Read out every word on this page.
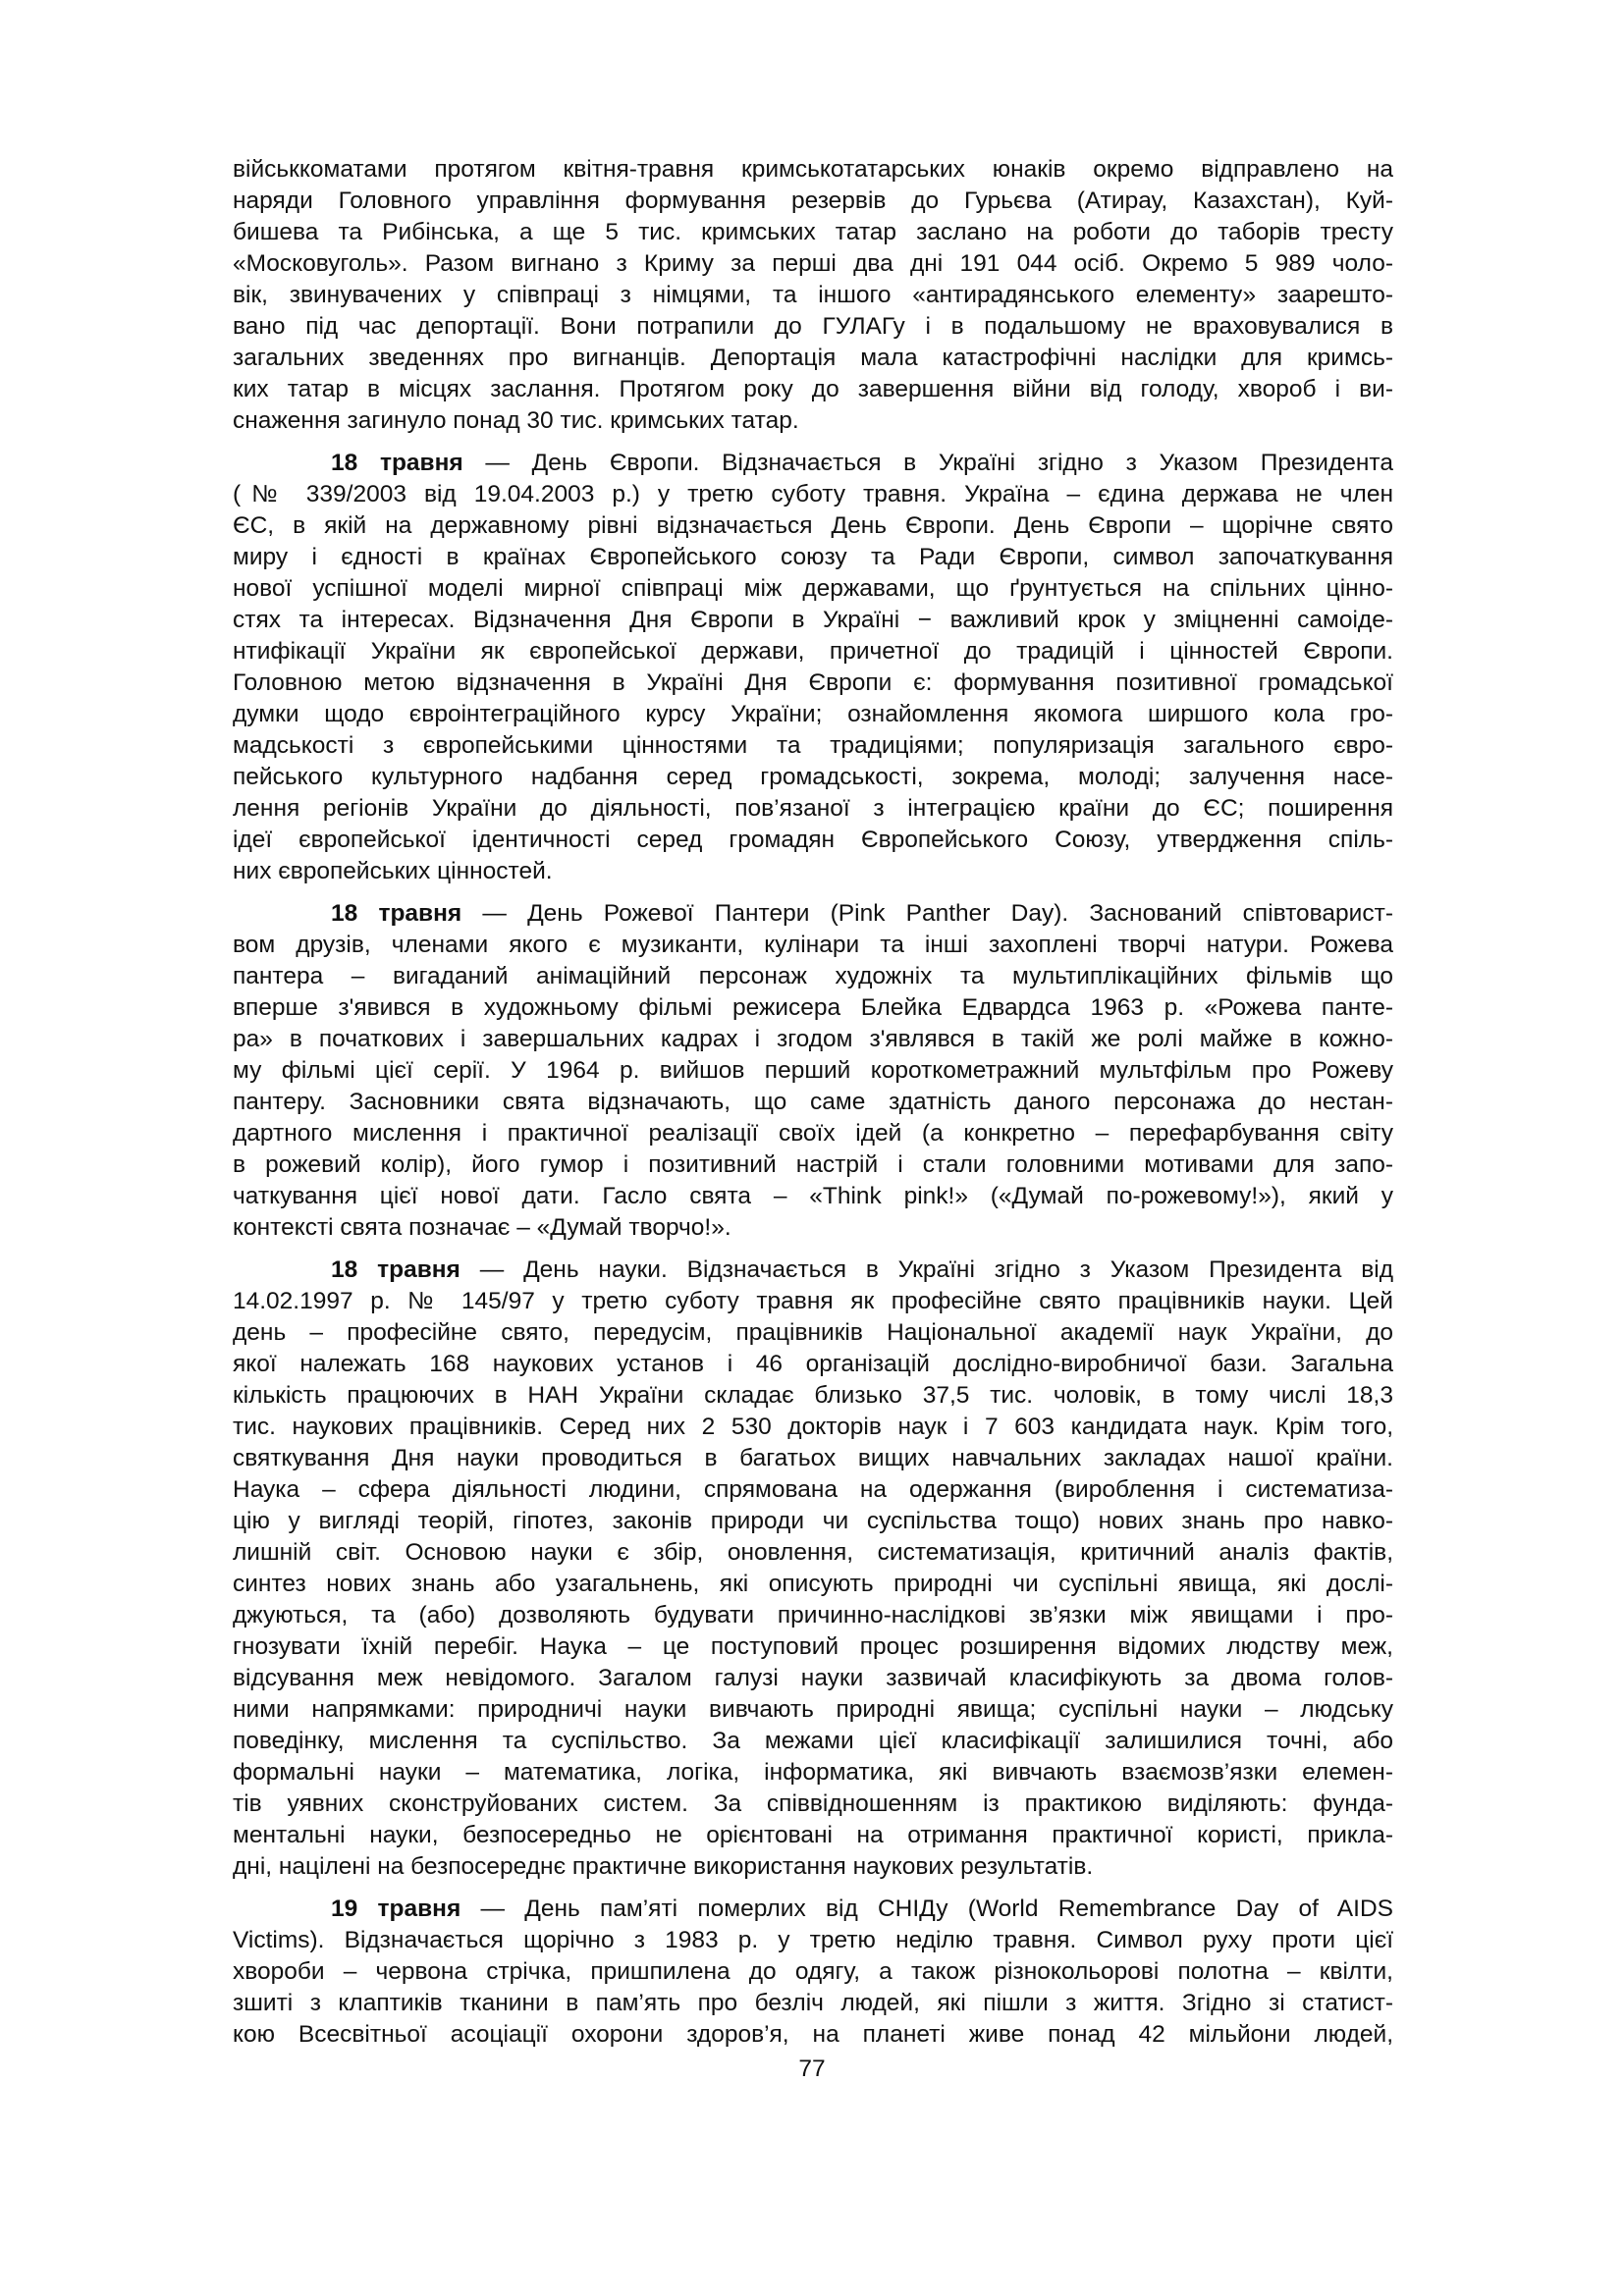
військкоматами протягом квітня-травня кримськотатарських юнаків окремо відправлено на
наряди Головного управління формування резервів до Гурьєва (Атирау, Казахстан), Куй-
бишева та Рибінська, а ще 5 тис. кримських татар заслано на роботи до таборів тресту
«Московуголь». Разом вигнано з Криму за перші два дні 191 044 осіб. Окремо 5 989 чоло-
вік, звинувачених у співпраці з німцями, та іншого «антирадянського елементу» заарешто-
вано під час депортації. Вони потрапили до ГУЛАГу і в подальшому не враховувалися в
загальних зведеннях про вигнанців. Депортація мала катастрофічні наслідки для кримсь-
ких татар в місцях заслання. Протягом року до завершення війни від голоду, хвороб і ви-
снаження загинуло понад 30 тис. кримських татар.
18 травня — День Європи. Відзначається в Україні згідно з Указом Президента
(№ 339/2003 від 19.04.2003 р.) у третю суботу травня. Україна – єдина держава не член
ЄС, в якій на державному рівні відзначається День Європи. День Європи – щорічне свято
миру і єдності в країнах Європейського союзу та Ради Європи, символ започаткування
нової успішної моделі мирної співпраці між державами, що ґрунтується на спільних цінно-
стях та інтересах. Відзначення Дня Європи в Україні − важливий крок у зміцненні самоіде-
нтифікації України як європейської держави, причетної до традицій і цінностей Європи.
Головною метою відзначення в Україні Дня Європи є: формування позитивної громадської
думки щодо євроінтеграційного курсу України; ознайомлення якомога ширшого кола гро-
мадськості з європейськими цінностями та традиціями; популяризація загального євро-
пейського культурного надбання серед громадськості, зокрема, молоді; залучення насе-
лення регіонів України до діяльності, пов’язаної з інтеграцією країни до ЄС; поширення
ідеї європейської ідентичності серед громадян Європейського Союзу, утвердження спіль-
них європейських цінностей.
18 травня — День Рожевої Пантери (Pink Panther Day). Заснований співтоварист-
вом друзів, членами якого є музиканти, кулінари та інші захоплені творчі натури. Рожева
пантера – вигаданий анімаційний персонаж художніх та мультиплікаційних фільмів що
вперше з'явився в художньому фільмі режисера Блейка Едвардса 1963 р. «Рожева панте-
ра» в початкових і завершальних кадрах і згодом з'являвся в такій же ролі майже в кожно-
му фільмі цієї серії. У 1964 р. вийшов перший короткометражний мультфільм про Рожеву
пантеру. Засновники свята відзначають, що саме здатність даного персонажа до нестан-
дартного мислення і практичної реалізації своїх ідей (а конкретно – перефарбування світу
в рожевий колір), його гумор і позитивний настрій і стали головними мотивами для запо-
чаткування цієї нової дати. Гасло свята – «Think pink!» («Думай по-рожевому!»), який у
контексті свята позначає – «Думай творчо!».
18 травня — День науки. Відзначається в Україні згідно з Указом Президента від
14.02.1997 р. № 145/97 у третю суботу травня як професійне свято працівників науки. Цей
день – професійне свято, передусім, працівників Національної академії наук України, до
якої належать 168 наукових установ і 46 організацій дослідно-виробничої бази. Загальна
кількість працюючих в НАН України складає близько 37,5 тис. чоловік, в тому числі 18,3
тис. наукових працівників. Серед них 2 530 докторів наук і 7 603 кандидата наук. Крім того,
святкування Дня науки проводиться в багатьох вищих навчальних закладах нашої країни.
Наука – сфера діяльності людини, спрямована на одержання (вироблення і систематиза-
цію у вигляді теорій, гіпотез, законів природи чи суспільства тощо) нових знань про навко-
лишній світ. Основою науки є збір, оновлення, систематизація, критичний аналіз фактів,
синтез нових знань або узагальнень, які описують природні чи суспільні явища, які дослі-
джуються, та (або) дозволяють будувати причинно-наслідкові зв’язки між явищами і про-
гнозувати їхній перебіг. Наука – це поступовий процес розширення відомих людству меж,
відсування меж невідомого. Загалом галузі науки зазвичай класифікують за двома голов-
ними напрямками: природничі науки вивчають природні явища; суспільні науки – людську
поведінку, мислення та суспільство. За межами цієї класифікації залишилися точні, або
формальні науки – математика, логіка, інформатика, які вивчають взаємозв’язки елемен-
тів уявних сконструйованих систем. За співвідношенням із практикою виділяють: фунда-
ментальні науки, безпосередньо не орієнтовані на отримання практичної користі, прикла-
дні, націлені на безпосереднє практичне використання наукових результатів.
19 травня — День пам’яті померлих від СНІДу (World Remembrance Day of AIDS
Victims). Відзначається щорічно з 1983 р. у третю неділю травня. Символ руху проти цієї
хвороби – червона стрічка, пришпилена до одягу, а також різнокольорові полотна – квілти,
зшиті з клаптиків тканини в пам’ять про безліч людей, які пішли з життя. Згідно зі статист-
кою Всесвітньої асоціації охорони здоров’я, на планеті живе понад 42 мільйони людей,
77
